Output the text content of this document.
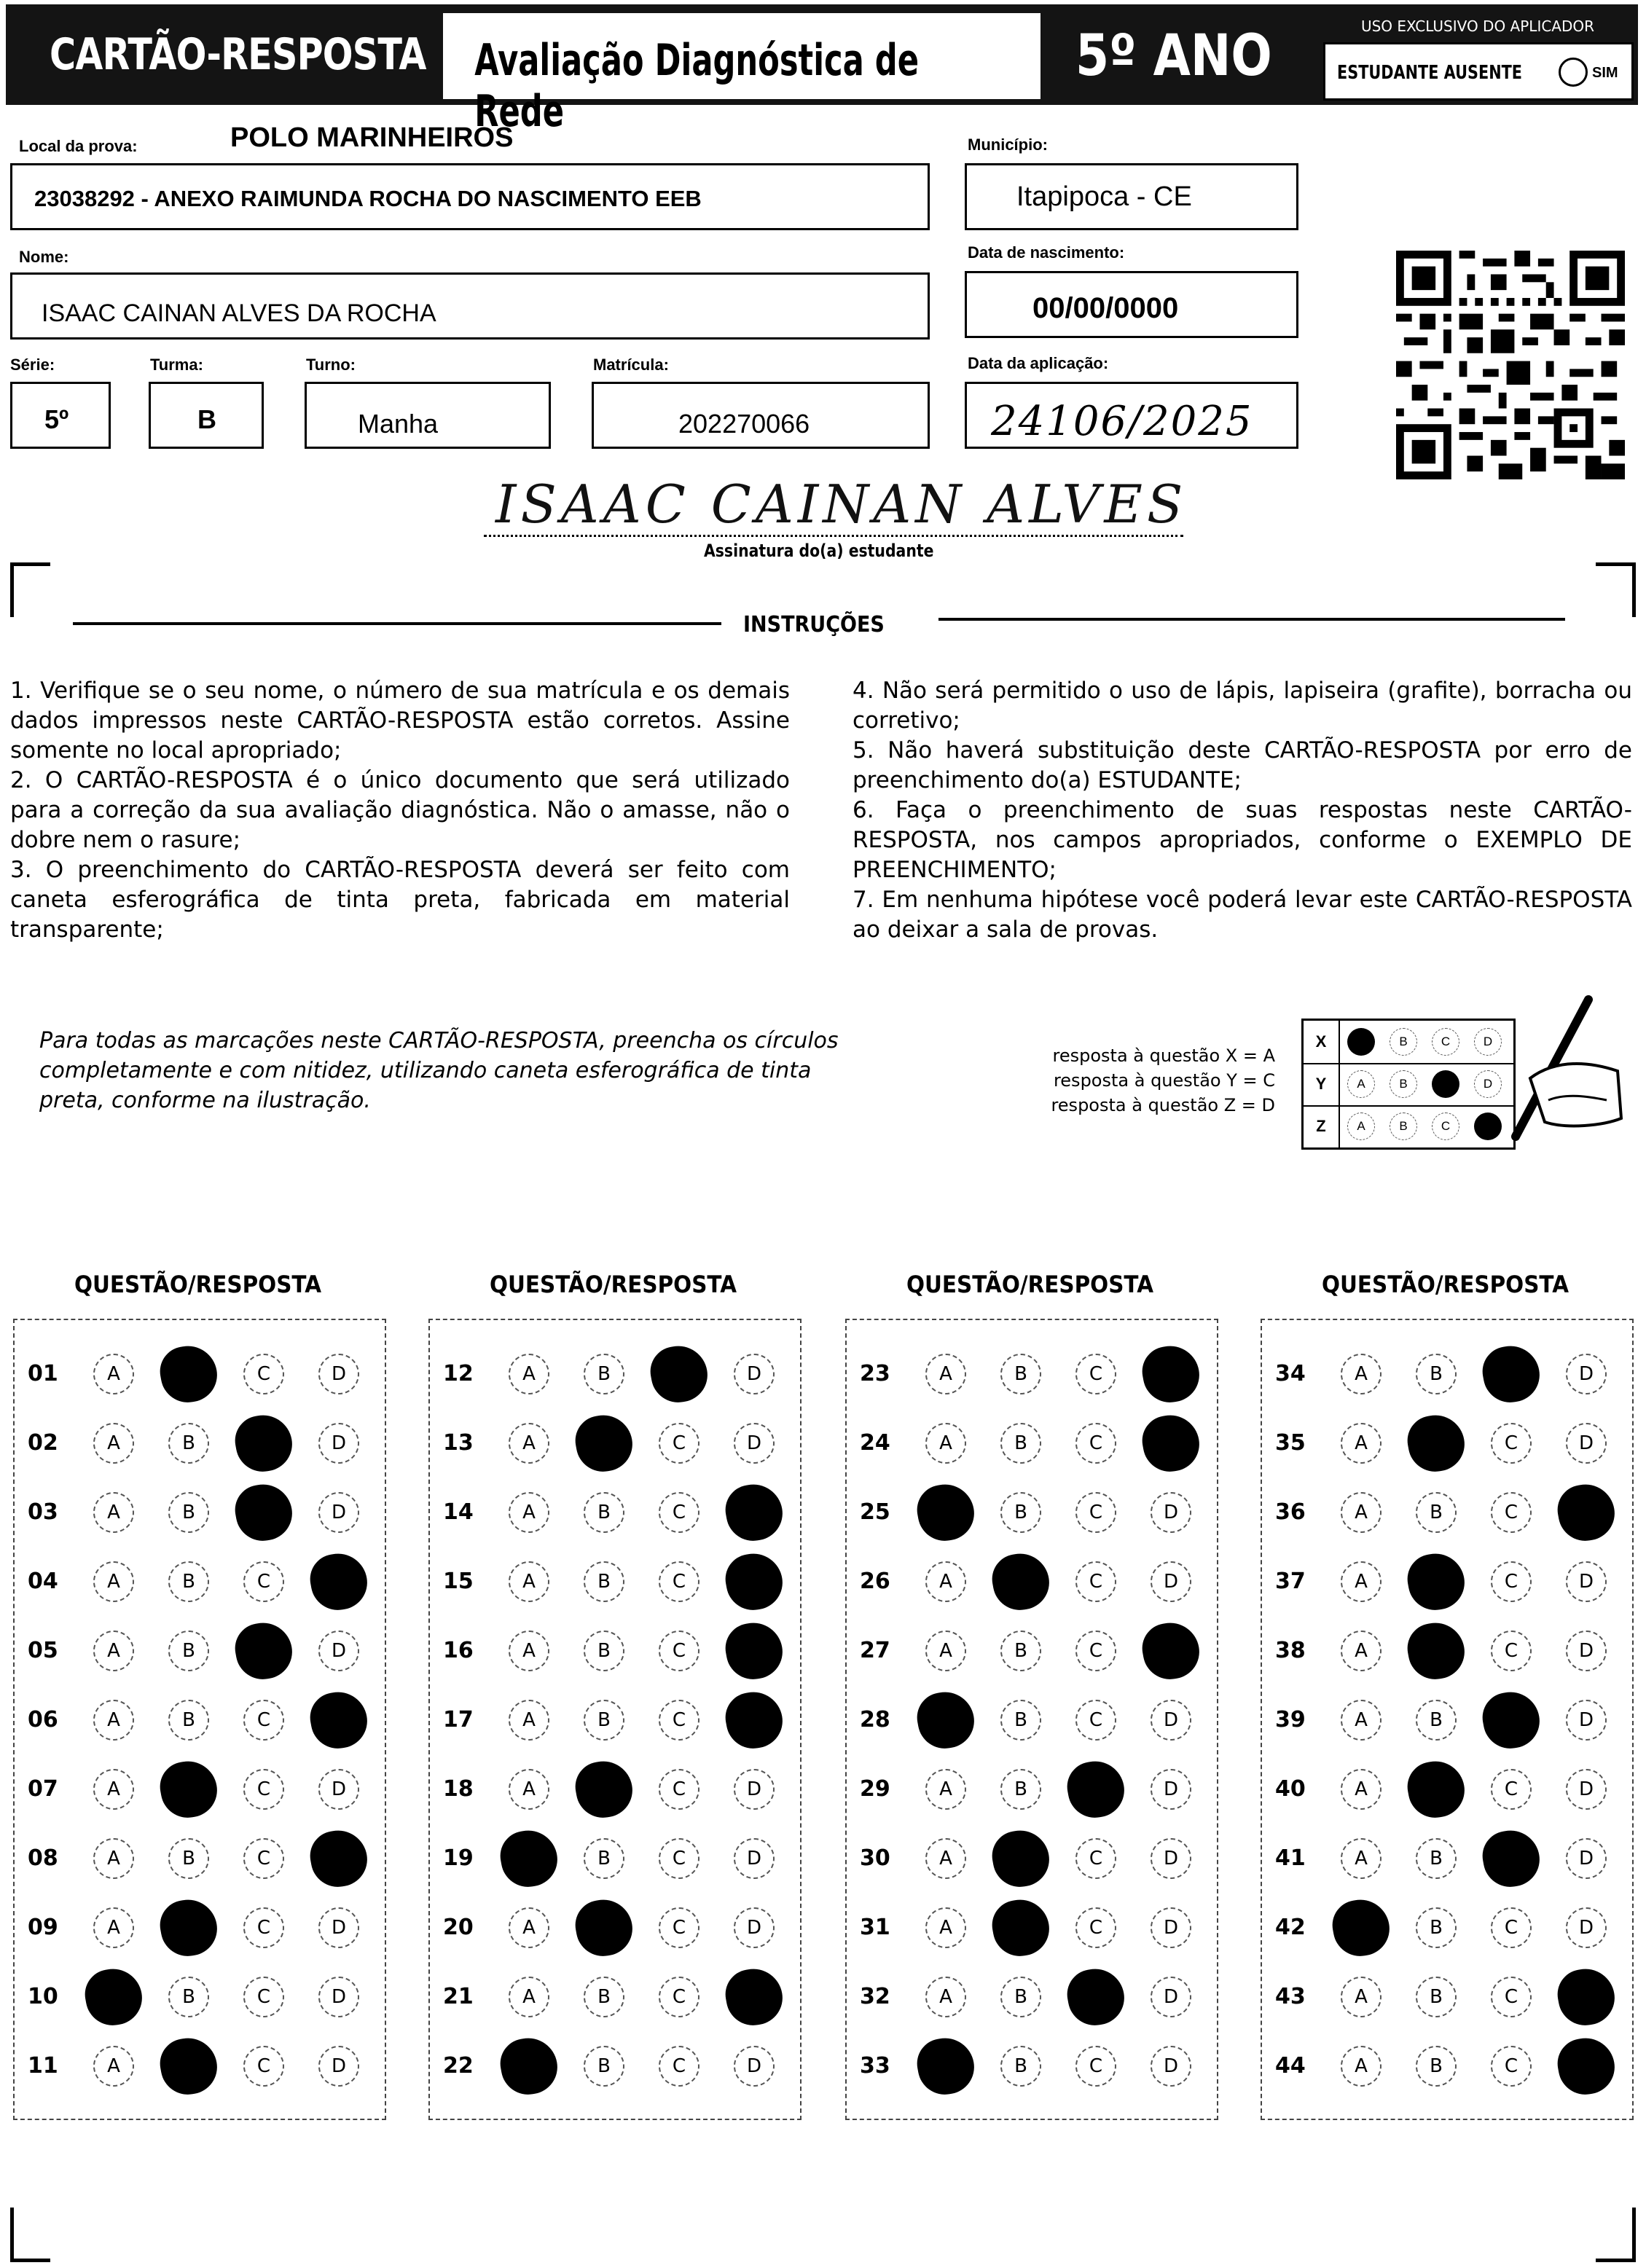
CARTÃO-RESPOSTA	Avaliação Diagnóstica de Rede
5º ANO	USO EXCLUSIVO DO APLICADOR
ESTUDANTE AUSENTE	SIM
Local da prova:	POLO MARINHEIROS
23038292 - ANEXO RAIMUNDA ROCHA DO NASCIMENTO EEB
Município:
Itapipoca - CE
Nome:
ISAAC CAINAN ALVES DA ROCHA
Data de nascimento:
00/00/0000
Série:
5º
Turma:
B
Turno:
Manha
Matrícula:
202270066
Data da aplicação:
24106/2025
ISAAC CAINAN ALVES
Assinatura do(a) estudante
INSTRUÇÕES

1. Verifique se o seu nome, o número de sua matrícula e os demais dados impressos neste CARTÃO-RESPOSTA estão corretos. Assine somente no local apropriado;

2. O CARTÃO-RESPOSTA é o único documento que será utilizado para a correção da sua avaliação diagnóstica. Não o amasse, não o dobre nem o rasure;

3. O preenchimento do CARTÃO-RESPOSTA deverá ser feito com caneta esferográfica de tinta preta, fabricada em material transparente;

4. Não será permitido o uso de lápis, lapiseira (grafite), borracha ou corretivo;

5. Não haverá substituição deste CARTÃO-RESPOSTA por erro de preenchimento do(a) ESTUDANTE;

6. Faça o preenchimento de suas respostas neste CARTÃO-RESPOSTA, nos campos apropriados, conforme o EXEMPLO DE PREENCHIMENTO;

7. Em nenhuma hipótese você poderá levar este CARTÃO-RESPOSTA ao deixar a sala de provas.

Para todas as marcações neste CARTÃO-RESPOSTA, preencha os círculos completamente e com nitidez, utilizando caneta esferográfica de tinta preta, conforme na ilustração.
resposta à questão X = A
resposta à questão Y = C
resposta à questão Z = D
X	A	B	C	D
Y	A	B	C	D
Z	A	B	C	D
QUESTÃO/RESPOSTA
01	A	B	C	D
02	A	B	C	D
03	A	B	C	D
04	A	B	C	D
05	A	B	C	D
06	A	B	C	D
07	A	B	C	D
08	A	B	C	D
09	A	B	C	D
10	A	B	C	D
11	A	B	C	D
QUESTÃO/RESPOSTA
12	A	B	C	D
13	A	B	C	D
14	A	B	C	D
15	A	B	C	D
16	A	B	C	D
17	A	B	C	D
18	A	B	C	D
19	A	B	C	D
20	A	B	C	D
21	A	B	C	D
22	A	B	C	D
QUESTÃO/RESPOSTA
23	A	B	C	D
24	A	B	C	D
25	A	B	C	D
26	A	B	C	D
27	A	B	C	D
28	A	B	C	D
29	A	B	C	D
30	A	B	C	D
31	A	B	C	D
32	A	B	C	D
33	A	B	C	D
QUESTÃO/RESPOSTA
34	A	B	C	D
35	A	B	C	D
36	A	B	C	D
37	A	B	C	D
38	A	B	C	D
39	A	B	C	D
40	A	B	C	D
41	A	B	C	D
42	A	B	C	D
43	A	B	C	D
44	A	B	C	D
